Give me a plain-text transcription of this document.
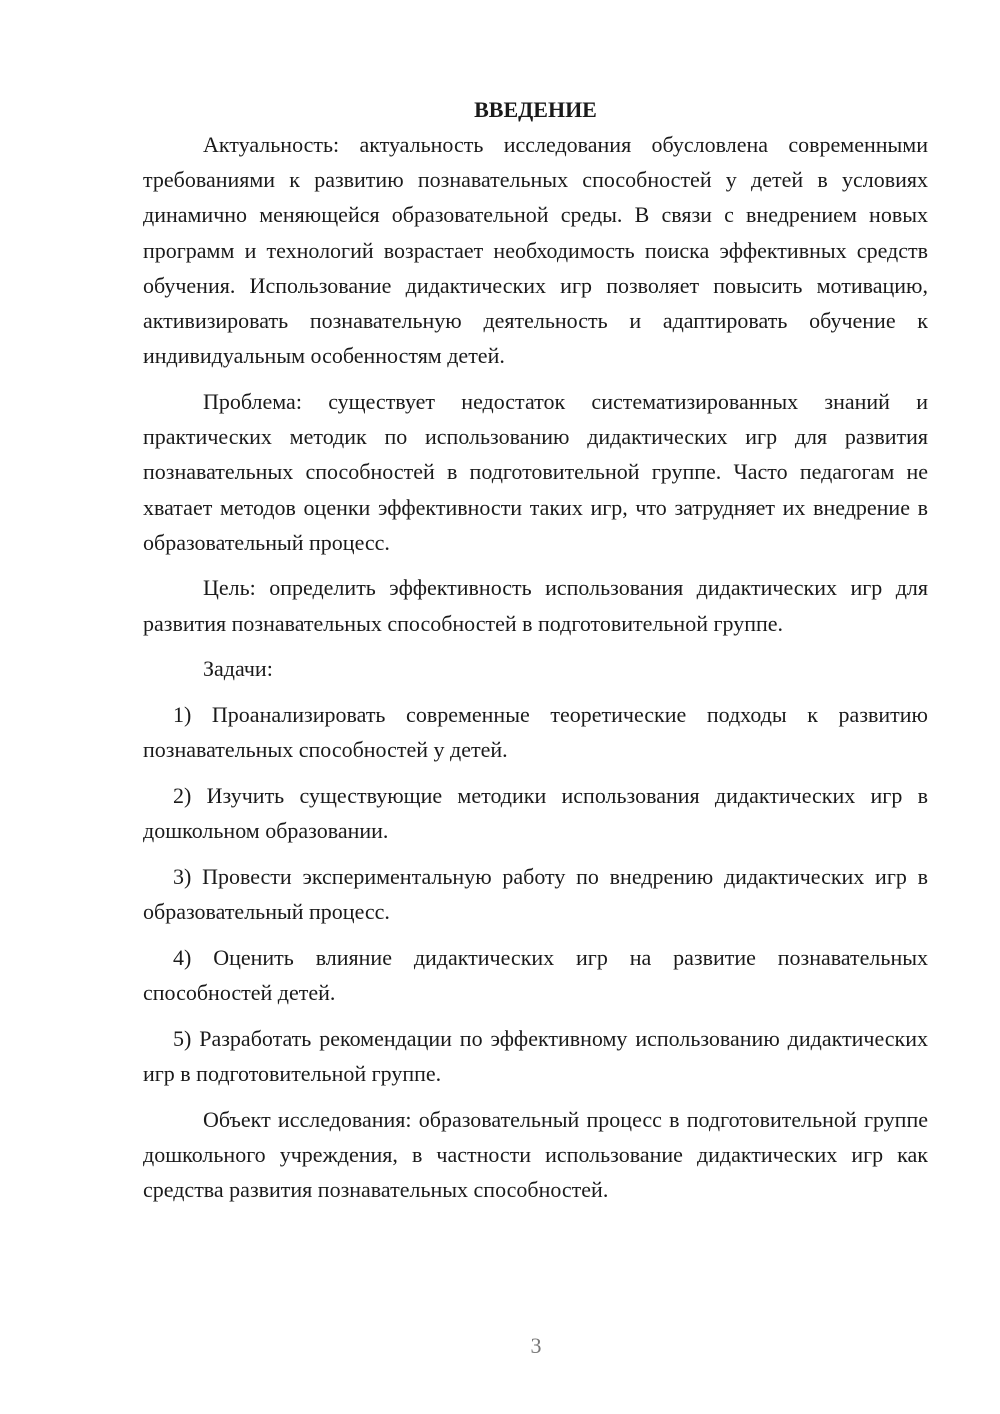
ВВЕДЕНИЕ

Актуальность: актуальность исследования обусловлена современными требованиями к развитию познавательных способностей у детей в условиях динамично меняющейся образовательной среды. В связи с внедрением новых программ и технологий возрастает необходимость поиска эффективных средств обучения. Использование дидактических игр позволяет повысить мотивацию, активизировать познавательную деятельность и адаптировать обучение к индивидуальным особенностям детей.

Проблема: существует недостаток систематизированных знаний и практических методик по использованию дидактических игр для развития познавательных способностей в подготовительной группе. Часто педагогам не хватает методов оценки эффективности таких игр, что затрудняет их внедрение в образовательный процесс.

Цель: определить эффективность использования дидактических игр для развития познавательных способностей в подготовительной группе.

Задачи:

1) Проанализировать современные теоретические подходы к развитию познавательных способностей у детей.

2) Изучить существующие методики использования дидактических игр в дошкольном образовании.

3) Провести экспериментальную работу по внедрению дидактических игр в образовательный процесс.

4) Оценить влияние дидактических игр на развитие познавательных способностей детей.

5) Разработать рекомендации по эффективному использованию дидактических игр в подготовительной группе.

Объект исследования: образовательный процесс в подготовительной группе дошкольного учреждения, в частности использование дидактических игр как средства развития познавательных способностей.

3
